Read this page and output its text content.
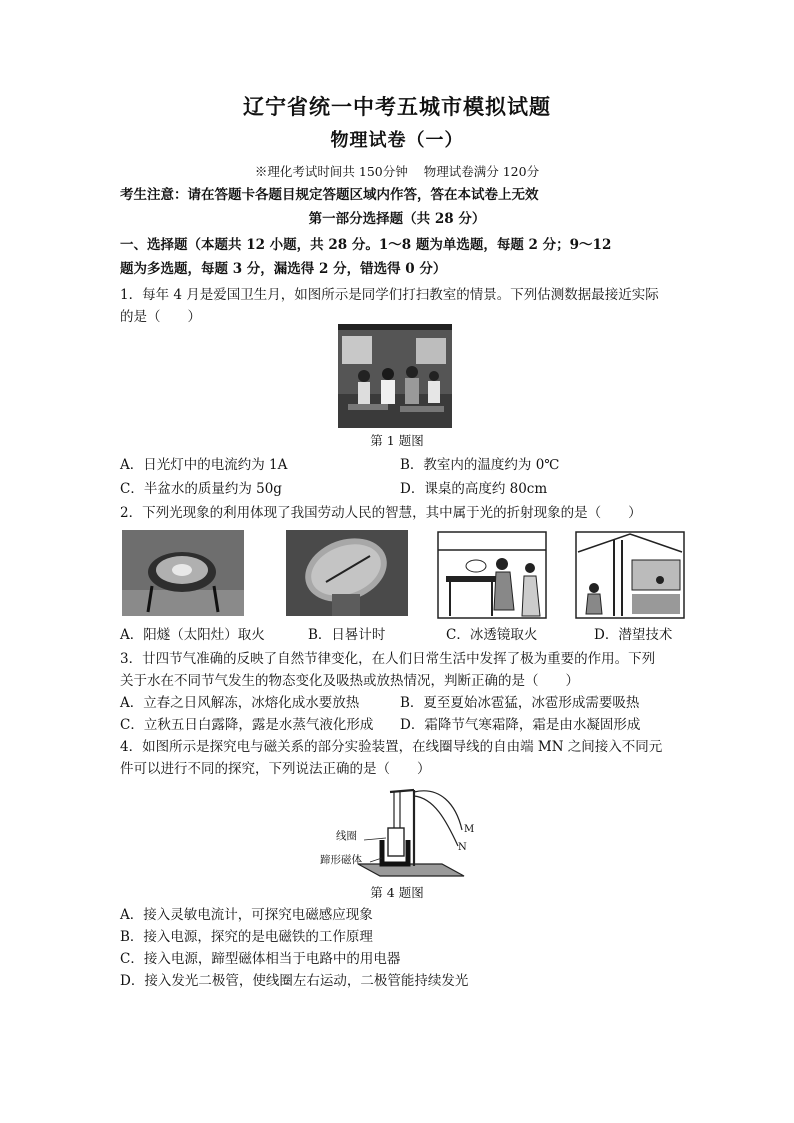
辽宁省统一中考五城市模拟试题
物理试卷（一）
※理化考试时间共 150分钟 物理试卷满分 120分
考生注意：请在答题卡各题目规定答题区域内作答，答在本试卷上无效
第一部分选择题（共 28 分）
一、选择题（本题共 12 小题，共 28 分。1～8 题为单选题，每题 2 分；9～12
题为多选题，每题 3 分，漏选得 2 分，错选得 0 分）
1．每年 4 月是爱国卫生月，如图所示是同学们打扫教室的情景。下列估测数据最接近实际
的是（　　）
第 1 题图
A．日光灯中的电流约为 1A	B．教室内的温度约为 0℃
C．半盆水的质量约为 50g	D．课桌的高度约 80cm
2．下列光现象的利用体现了我国劳动人民的智慧，其中属于光的折射现象的是（　　）
A．阳燧（太阳灶）取火	B．日晷计时	C．冰透镜取火	D．潜望技术
3．廿四节气准确的反映了自然节律变化，在人们日常生活中发挥了极为重要的作用。下列
关于水在不同节气发生的物态变化及吸热或放热情况，判断正确的是（　　）
A．立春之日风解冻，冰熔化成水要放热	B．夏至夏始冰雹猛，冰雹形成需要吸热
C．立秋五日白露降，露是水蒸气液化形成 D．霜降节气寒霜降，霜是由水凝固形成
4．如图所示是探究电与磁关系的部分实验装置，在线圈导线的自由端 MN 之间接入不同元
件可以进行不同的探究，下列说法正确的是（　　）
线圈
蹄形磁体
M
N
第 4 题图
A．接入灵敏电流计，可探究电磁感应现象
B．接入电源，探究的是电磁铁的工作原理
C．接入电源，蹄型磁体相当于电路中的用电器
D．接入发光二极管，使线圈左右运动，二极管能持续发光
